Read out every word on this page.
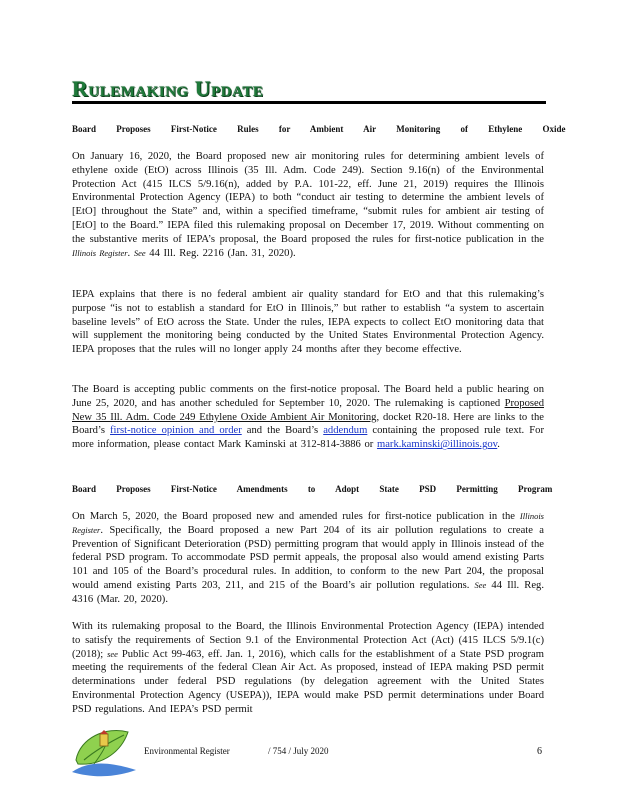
Rulemaking Update
Board Proposes First-Notice Rules for Ambient Air Monitoring of Ethylene Oxide
On January 16, 2020, the Board proposed new air monitoring rules for determining ambient levels of ethylene oxide (EtO) across Illinois (35 Ill. Adm. Code 249). Section 9.16(n) of the Environmental Protection Act (415 ILCS 5/9.16(n), added by P.A. 101-22, eff. June 21, 2019) requires the Illinois Environmental Protection Agency (IEPA) to both “conduct air testing to determine the ambient levels of [EtO] throughout the State” and, within a specified timeframe, “submit rules for ambient air testing of [EtO] to the Board.” IEPA filed this rulemaking proposal on December 17, 2019. Without commenting on the substantive merits of IEPA’s proposal, the Board proposed the rules for first-notice publication in the Illinois Register. See 44 Ill. Reg. 2216 (Jan. 31, 2020).
IEPA explains that there is no federal ambient air quality standard for EtO and that this rulemaking’s purpose “is not to establish a standard for EtO in Illinois,” but rather to establish “a system to ascertain baseline levels” of EtO across the State. Under the rules, IEPA expects to collect EtO monitoring data that will supplement the monitoring being conducted by the United States Environmental Protection Agency. IEPA proposes that the rules will no longer apply 24 months after they become effective.
The Board is accepting public comments on the first-notice proposal. The Board held a public hearing on June 25, 2020, and has another scheduled for September 10, 2020. The rulemaking is captioned Proposed New 35 Ill. Adm. Code 249 Ethylene Oxide Ambient Air Monitoring, docket R20-18. Here are links to the Board’s first-notice opinion and order and the Board’s addendum containing the proposed rule text. For more information, please contact Mark Kaminski at 312-814-3886 or mark.kaminski@illinois.gov.
Board Proposes First-Notice Amendments to Adopt State PSD Permitting Program
On March 5, 2020, the Board proposed new and amended rules for first-notice publication in the Illinois Register. Specifically, the Board proposed a new Part 204 of its air pollution regulations to create a Prevention of Significant Deterioration (PSD) permitting program that would apply in Illinois instead of the federal PSD program. To accommodate PSD permit appeals, the proposal also would amend existing Parts 101 and 105 of the Board’s procedural rules. In addition, to conform to the new Part 204, the proposal would amend existing Parts 203, 211, and 215 of the Board’s air pollution regulations. See 44 Ill. Reg. 4316 (Mar. 20, 2020).
With its rulemaking proposal to the Board, the Illinois Environmental Protection Agency (IEPA) intended to satisfy the requirements of Section 9.1 of the Environmental Protection Act (Act) (415 ILCS 5/9.1(c) (2018); see Public Act 99-463, eff. Jan. 1, 2016), which calls for the establishment of a State PSD program meeting the requirements of the federal Clean Air Act. As proposed, instead of IEPA making PSD permit determinations under federal PSD regulations (by delegation agreement with the United States Environmental Protection Agency (USEPA)), IEPA would make PSD permit determinations under Board PSD regulations. And IEPA’s PSD permit
Environmental Register	/ 754 / July 2020	6
